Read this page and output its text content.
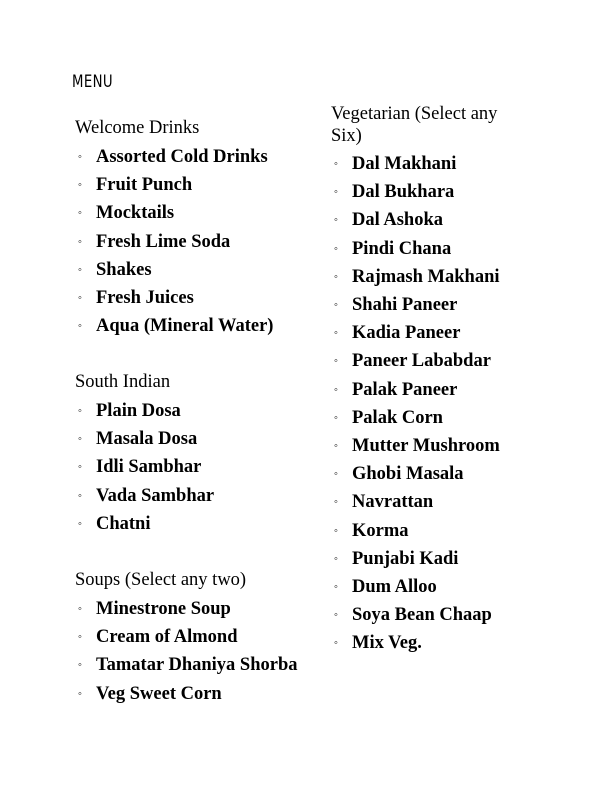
MENU
Welcome Drinks
◦ Assorted Cold Drinks
◦ Fruit Punch
◦ Mocktails
◦ Fresh Lime Soda
◦ Shakes
◦ Fresh Juices
◦ Aqua (Mineral Water)
South Indian
◦ Plain Dosa
◦ Masala Dosa
◦ Idli Sambhar
◦ Vada Sambhar
◦ Chatni
Soups (Select any two)
◦ Minestrone Soup
◦ Cream of Almond
◦ Tamatar Dhaniya Shorba
◦ Veg Sweet Corn
Vegetarian (Select any
Six)
◦ Dal Makhani
◦ Dal Bukhara
◦ Dal Ashoka
◦ Pindi Chana
◦ Rajmash Makhani
◦ Shahi Paneer
◦ Kadia Paneer
◦ Paneer Lababdar
◦ Palak Paneer
◦ Palak Corn
◦ Mutter Mushroom
◦ Ghobi Masala
◦ Navrattan
◦ Korma
◦ Punjabi Kadi
◦ Dum Alloo
◦ Soya Bean Chaap
◦ Mix Veg.
